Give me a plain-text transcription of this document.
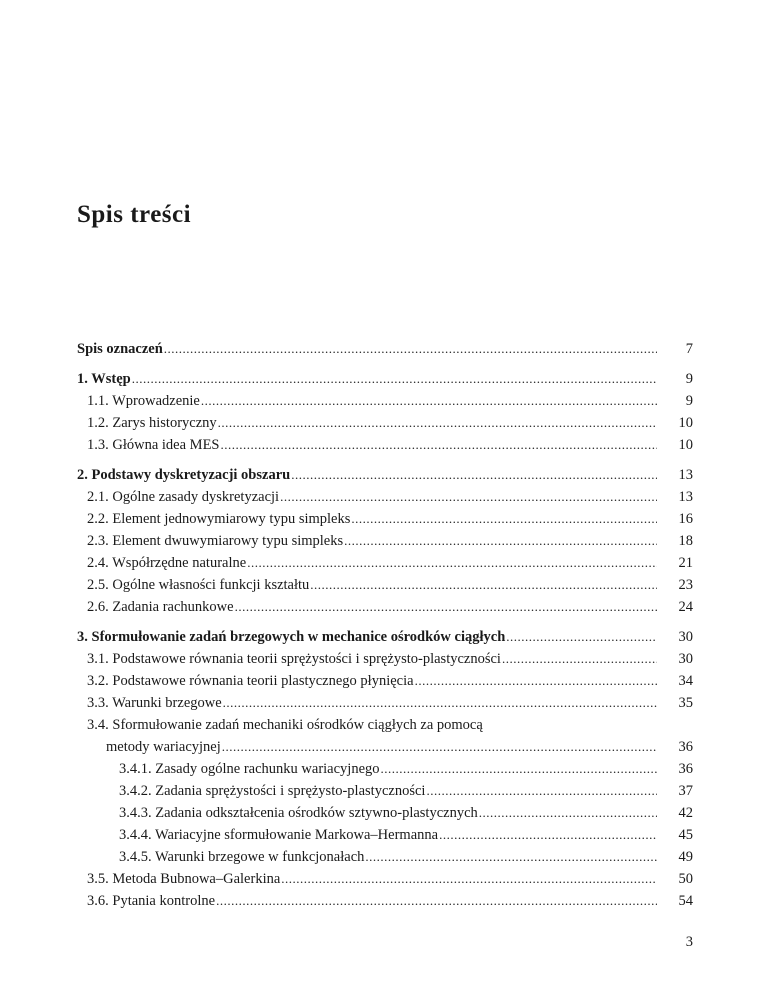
Spis treści
Spis oznaczeń .....	7
1. Wstęp .....	9
1.1. Wprowadzenie .....	9
1.2. Zarys historyczny .....	10
1.3. Główna idea MES .....	10
2. Podstawy dyskretyzacji obszaru .....	13
2.1. Ogólne zasady dyskretyzacji .....	13
2.2. Element jednowymiarowy typu simpleks .....	16
2.3. Element dwuwymiarowy typu simpleks .....	18
2.4. Współrzędne naturalne .....	21
2.5. Ogólne własności funkcji kształtu .....	23
2.6. Zadania rachunkowe .....	24
3. Sformułowanie zadań brzegowych w mechanice ośrodków ciągłych .....	30
3.1. Podstawowe równania teorii sprężystości i sprężysto-plastyczności .....	30
3.2. Podstawowe równania teorii plastycznego płynięcia .....	34
3.3. Warunki brzegowe .....	35
3.4. Sformułowanie zadań mechaniki ośrodków ciągłych za pomocą
metody wariacyjnej .....	36
3.4.1. Zasady ogólne rachunku wariacyjnego .....	36
3.4.2. Zadania sprężystości i sprężysto-plastyczności .....	37
3.4.3. Zadania odkształcenia ośrodków sztywno-plastycznych .....	42
3.4.4. Wariacyjne sformułowanie Markowa–Hermanna .....	45
3.4.5. Warunki brzegowe w funkcjonałach .....	49
3.5. Metoda Bubnowa–Galerkina .....	50
3.6. Pytania kontrolne .....	54
3
